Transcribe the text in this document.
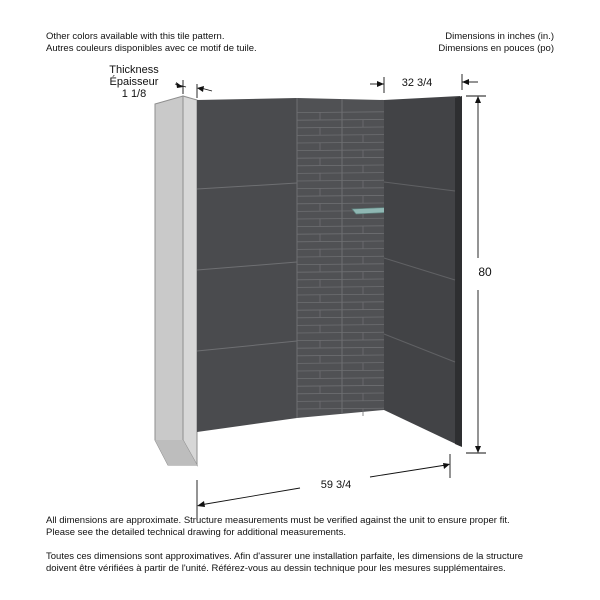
Other colors available with this tile pattern.
Autres couleurs disponibles avec ce motif de tuile.
Dimensions in inches (in.)
Dimensions en pouces (po)
Thickness
Épaisseur
1 1/8
32 3/4
80
59 3/4
All dimensions are approximate. Structure measurements must be verified against the unit to ensure proper fit.
Please see the detailed technical drawing for additional measurements.
Toutes ces dimensions sont approximatives. Afin d'assurer une installation parfaite, les dimensions de la structure
doivent être vérifiées à partir de l'unité. Référez-vous au dessin technique pour les mesures supplémentaires.
